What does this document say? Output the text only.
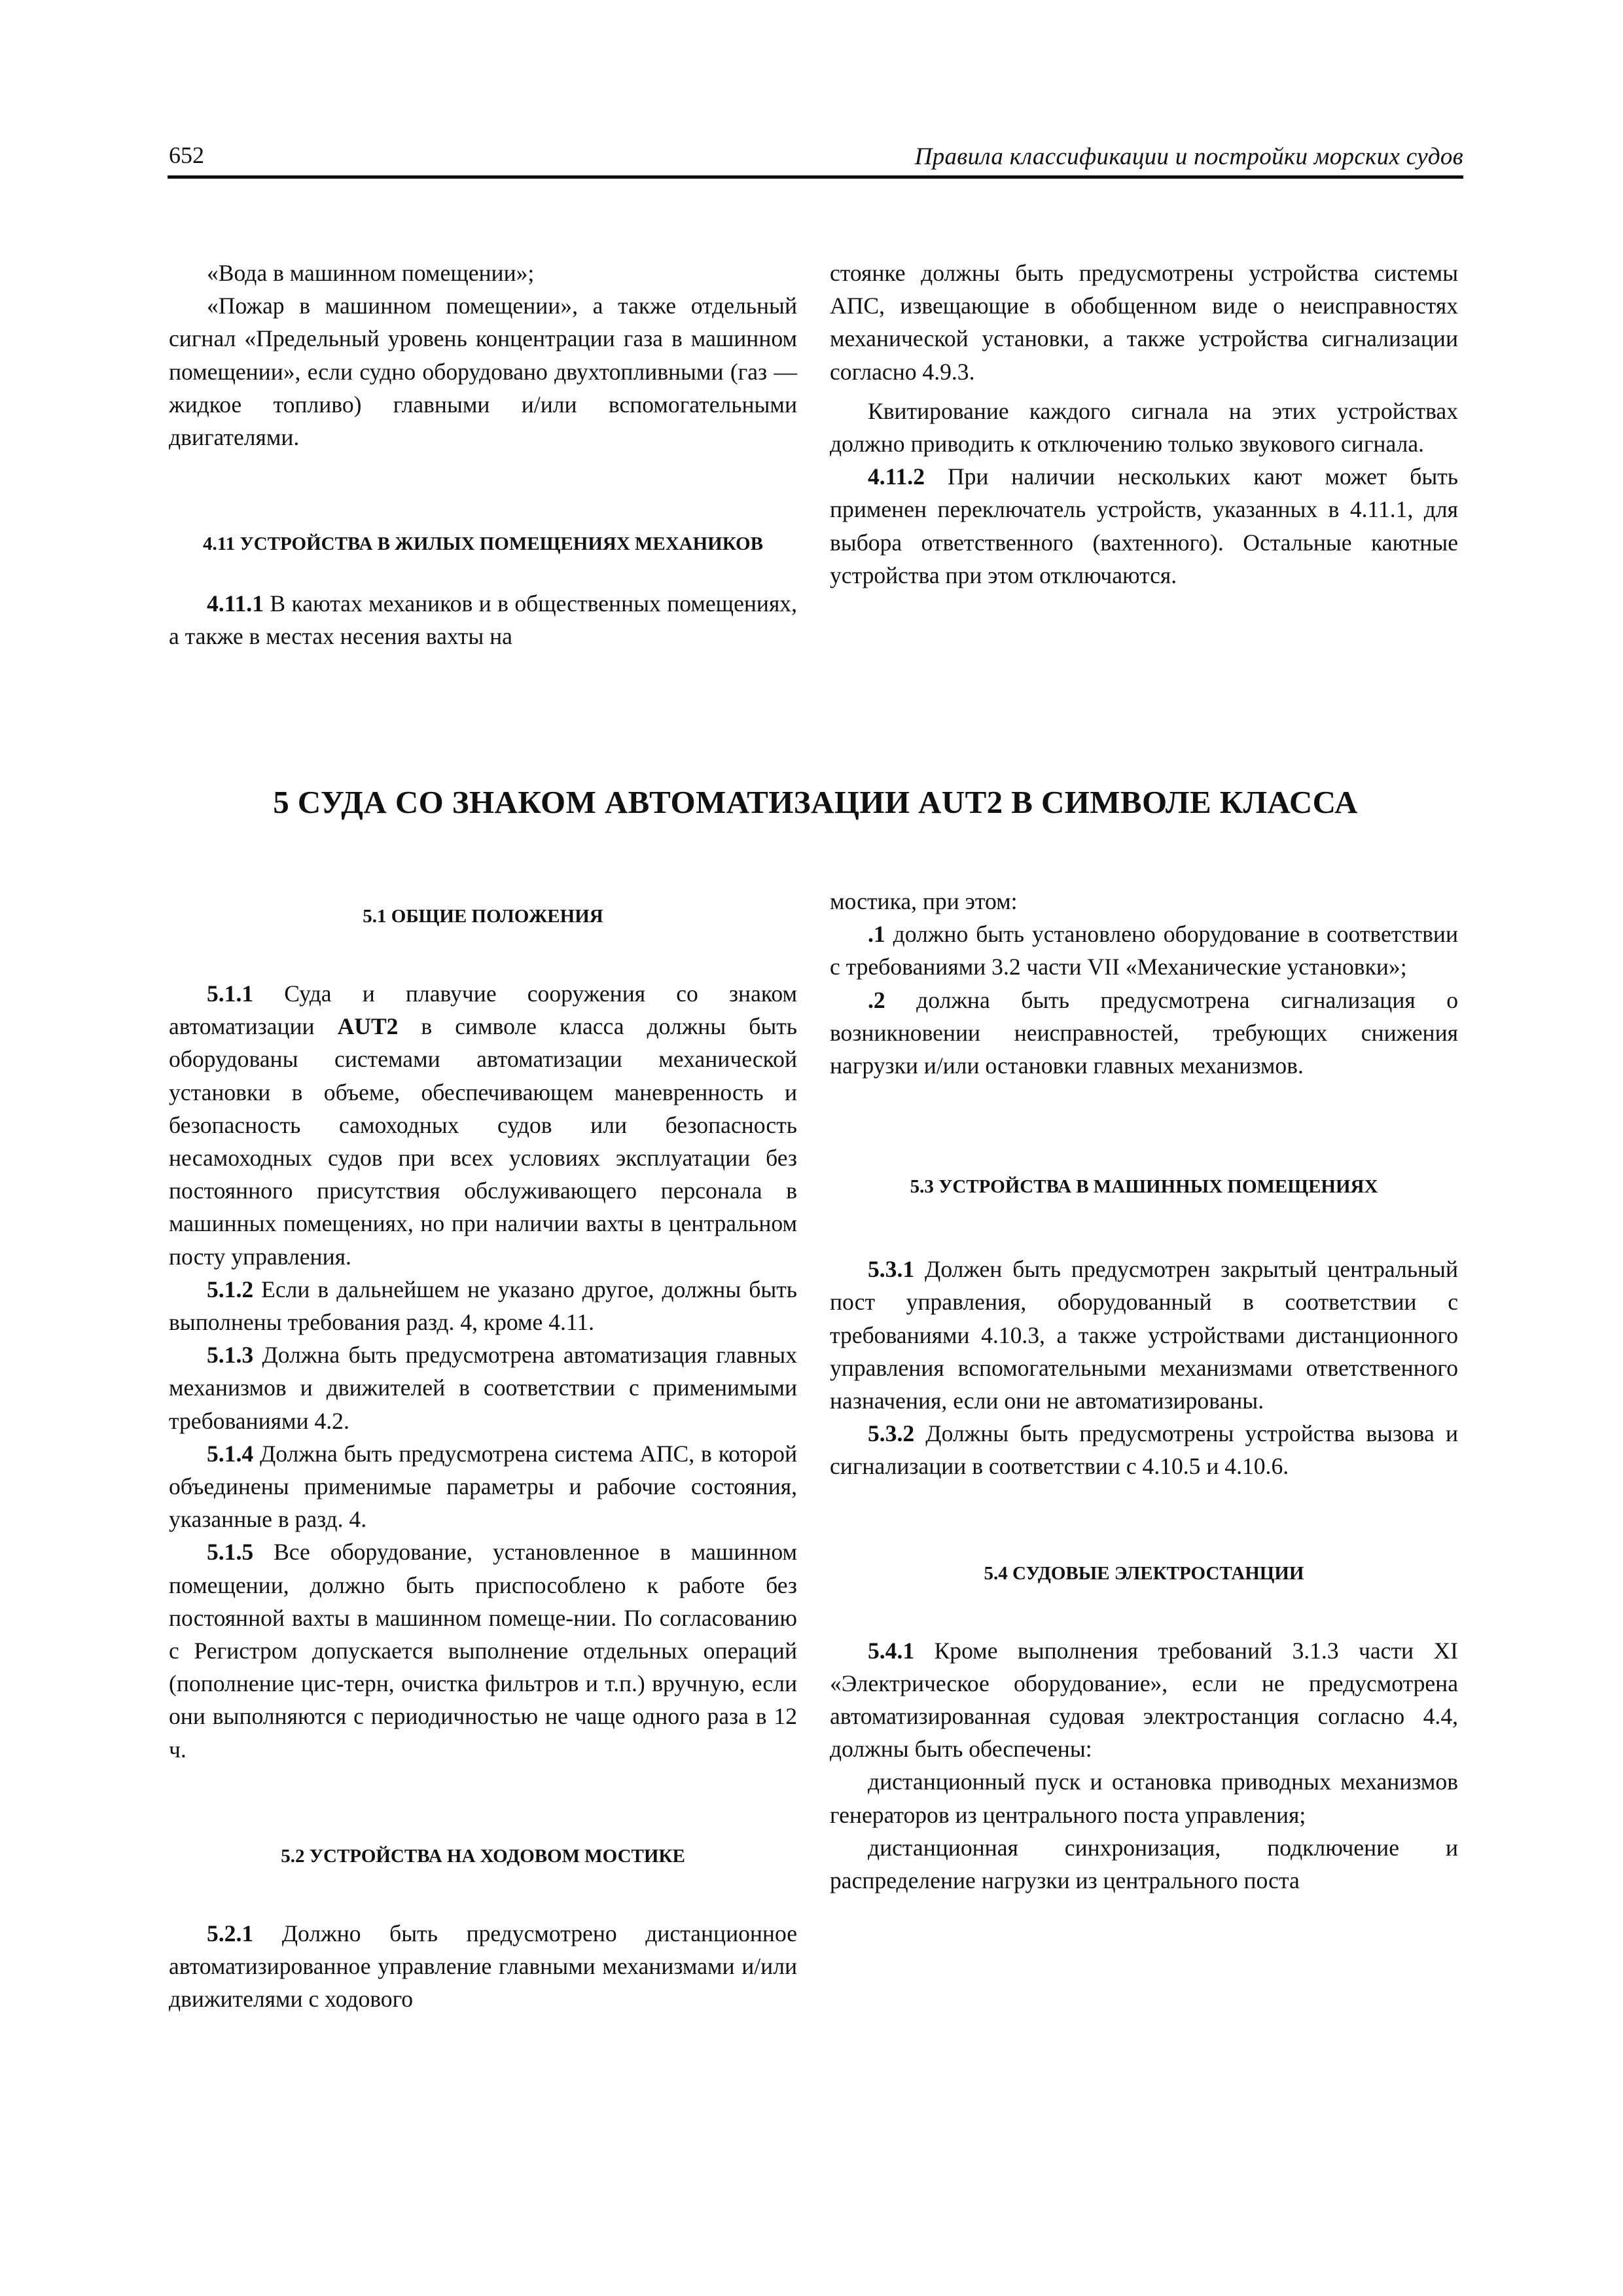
652	Правила классификации и постройки морских судов

«Вода в машинном помещении»;

«Пожар в машинном помещении», а также отдельный сигнал «Предельный уровень концентрации газа в машинном помещении», если судно оборудовано двухтопливными (газ — жидкое топливо) главными и/или вспомогательными двигателями.

4.11 УСТРОЙСТВА В ЖИЛЫХ ПОМЕЩЕНИЯХ МЕХАНИКОВ

4.11.1 В каютах механиков и в общественных помещениях, а также в местах несения вахты на

стоянке должны быть предусмотрены устройства системы АПС, извещающие в обобщенном виде о неисправностях механической установки, а также устройства сигнализации согласно 4.9.3.

Квитирование каждого сигнала на этих устройствах должно приводить к отключению только звукового сигнала.

4.11.2 При наличии нескольких кают может быть применен переключатель устройств, указанных в 4.11.1, для выбора ответственного (вахтенного). Остальные каютные устройства при этом отключаются.

5 СУДА СО ЗНАКОМ АВТОМАТИЗАЦИИ AUT2 В СИМВОЛЕ КЛАССА

5.1 ОБЩИЕ ПОЛОЖЕНИЯ

5.1.1 Суда и плавучие сооружения со знаком автоматизации AUT2 в символе класса должны быть оборудованы системами автоматизации механической установки в объеме, обеспечивающем маневренность и безопасность самоходных судов или безопасность несамоходных судов при всех условиях эксплуатации без постоянного присутствия обслуживающего персонала в машинных помещениях, но при наличии вахты в центральном посту управления.

5.1.2 Если в дальнейшем не указано другое, должны быть выполнены требования разд. 4, кроме 4.11.

5.1.3 Должна быть предусмотрена автоматизация главных механизмов и движителей в соответствии с применимыми требованиями 4.2.

5.1.4 Должна быть предусмотрена система АПС, в которой объединены применимые параметры и рабочие состояния, указанные в разд. 4.

5.1.5 Все оборудование, установленное в машинном помещении, должно быть приспособлено к работе без постоянной вахты в машинном помеще-нии. По согласованию с Регистром допускается выполнение отдельных операций (пополнение цис-терн, очистка фильтров и т.п.) вручную, если они выполняются с периодичностью не чаще одного раза в 12 ч.

5.2 УСТРОЙСТВА НА ХОДОВОМ МОСТИКЕ

5.2.1 Должно быть предусмотрено дистанционное автоматизированное управление главными механизмами и/или движителями с ходового

мостика, при этом:

.1 должно быть установлено оборудование в соответствии с требованиями 3.2 части VII «Механические установки»;

.2 должна быть предусмотрена сигнализация о возникновении неисправностей, требующих снижения нагрузки и/или остановки главных механизмов.

5.3 УСТРОЙСТВА В МАШИННЫХ ПОМЕЩЕНИЯХ

5.3.1 Должен быть предусмотрен закрытый центральный пост управления, оборудованный в соответствии с требованиями 4.10.3, а также устройствами дистанционного управления вспомогательными механизмами ответственного назначения, если они не автоматизированы.

5.3.2 Должны быть предусмотрены устройства вызова и сигнализации в соответствии с 4.10.5 и 4.10.6.

5.4 СУДОВЫЕ ЭЛЕКТРОСТАНЦИИ

5.4.1 Кроме выполнения требований 3.1.3 части XI «Электрическое оборудование», если не предусмотрена автоматизированная судовая электростанция согласно 4.4, должны быть обеспечены:

дистанционный пуск и остановка приводных механизмов генераторов из центрального поста управления;

дистанционная синхронизация, подключение и распределение нагрузки из центрального поста
